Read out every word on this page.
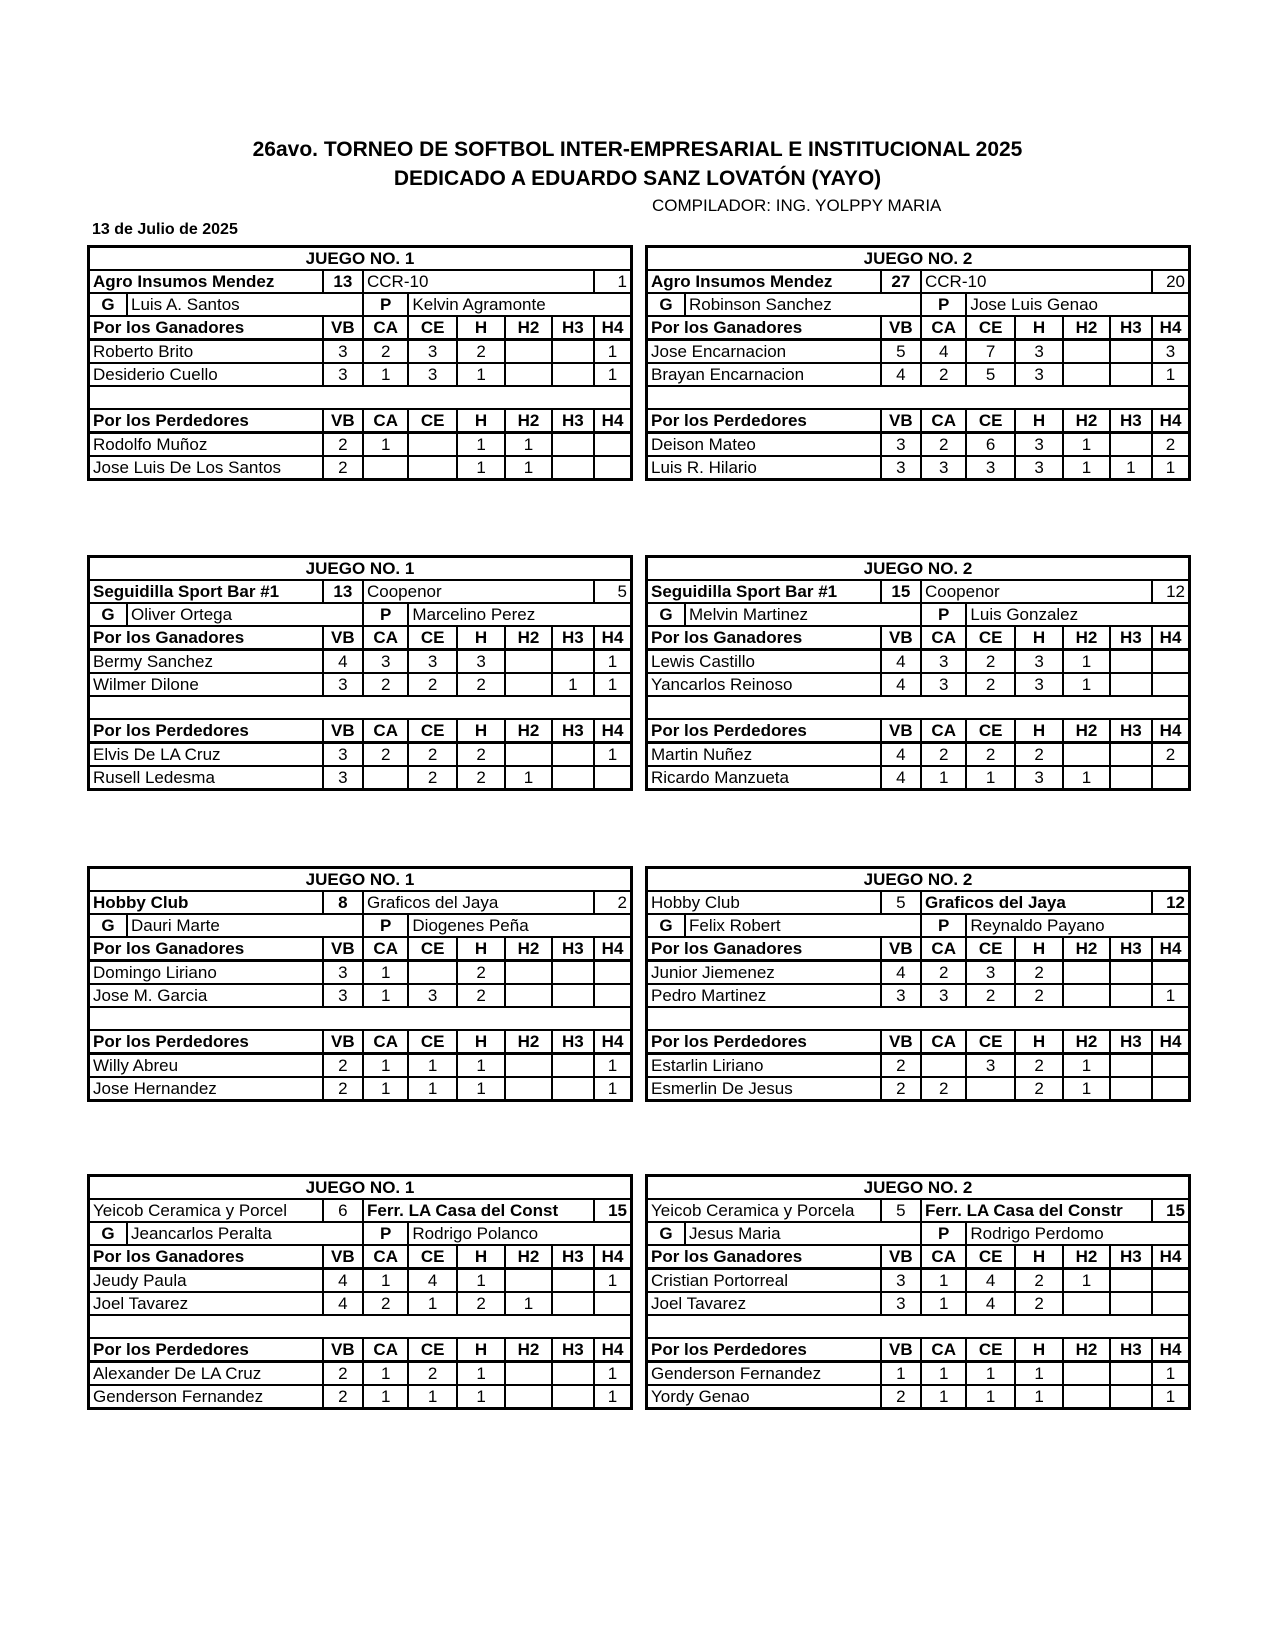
26avo. TORNEO DE SOFTBOL INTER-EMPRESARIAL E INSTITUCIONAL 2025
DEDICADO A EDUARDO SANZ LOVATÓN (YAYO)
COMPILADOR: ING. YOLPPY MARIA
13 de Julio de 2025
JUEGO NO. 1							
Agro Insumos Mendez	13	CCR-10					1

G Luis A. Santos		P	Kelvin Agramonte				
Por los Ganadores	VB	CA	CE	H	H2	H3	H4
Roberto Brito	3	2	3	2			1
Desiderio Cuello	3	1	3	1			1

Por los Perdedores	VB	CA	CE	H	H2	H3	H4
Rodolfo Muñoz	2	1		1	1		
Jose Luis De Los Santos	2			1	1		
JUEGO NO. 2							
Agro Insumos Mendez	27	CCR-10					20

G Robinson Sanchez		P	Jose Luis Genao				
Por los Ganadores	VB	CA	CE	H	H2	H3	H4
Jose Encarnacion	5	4	7	3			3
Brayan Encarnacion	4	2	5	3			1

Por los Perdedores	VB	CA	CE	H	H2	H3	H4
Deison Mateo	3	2	6	3	1		2
Luis R. Hilario	3	3	3	3	1	1	1
JUEGO NO. 1							
Seguidilla Sport Bar #1	13	Coopenor					5

G Oliver Ortega		P	Marcelino Perez				
Por los Ganadores	VB	CA	CE	H	H2	H3	H4
Bermy Sanchez	4	3	3	3			1
Wilmer Dilone	3	2	2	2		1	1

Por los Perdedores	VB	CA	CE	H	H2	H3	H4
Elvis De LA Cruz	3	2	2	2			1
Rusell Ledesma	3		2	2	1		
JUEGO NO. 2							
Seguidilla Sport Bar #1	15	Coopenor					12

G Melvin Martinez		P	Luis Gonzalez				
Por los Ganadores	VB	CA	CE	H	H2	H3	H4
Lewis Castillo	4	3	2	3	1		
Yancarlos Reinoso	4	3	2	3	1		

Por los Perdedores	VB	CA	CE	H	H2	H3	H4
Martin Nuñez	4	2	2	2			2
Ricardo Manzueta	4	1	1	3	1		
JUEGO NO. 1							
Hobby Club	8	Graficos del Jaya					2

G Dauri Marte		P	Diogenes Peña				
Por los Ganadores	VB	CA	CE	H	H2	H3	H4
Domingo Liriano	3	1		2			
Jose M. Garcia	3	1	3	2			

Por los Perdedores	VB	CA	CE	H	H2	H3	H4
Willy Abreu	2	1	1	1			1
Jose Hernandez	2	1	1	1			1
JUEGO NO. 2							
Hobby Club	5	Graficos del Jaya					12

G Felix Robert		P	Reynaldo Payano				
Por los Ganadores	VB	CA	CE	H	H2	H3	H4
Junior Jiemenez	4	2	3	2			
Pedro Martinez	3	3	2	2			1

Por los Perdedores	VB	CA	CE	H	H2	H3	H4
Estarlin Liriano	2		3	2	1		
Esmerlin De Jesus	2	2		2	1		
JUEGO NO. 1							
Yeicob Ceramica y Porcel	6	Ferr. LA Casa del Const					15

G Jeancarlos Peralta		P	Rodrigo Polanco				
Por los Ganadores	VB	CA	CE	H	H2	H3	H4
Jeudy Paula	4	1	4	1			1
Joel Tavarez	4	2	1	2	1		

Por los Perdedores	VB	CA	CE	H	H2	H3	H4
Alexander De LA Cruz	2	1	2	1			1
Genderson Fernandez	2	1	1	1			1
JUEGO NO. 2							
Yeicob Ceramica y Porcela	5	Ferr. LA Casa del Constr					15

G Jesus Maria		P	Rodrigo Perdomo				
Por los Ganadores	VB	CA	CE	H	H2	H3	H4
Cristian Portorreal	3	1	4	2	1		
Joel Tavarez	3	1	4	2			

Por los Perdedores	VB	CA	CE	H	H2	H3	H4
Genderson Fernandez	1	1	1	1			1
Yordy Genao	2	1	1	1			1
